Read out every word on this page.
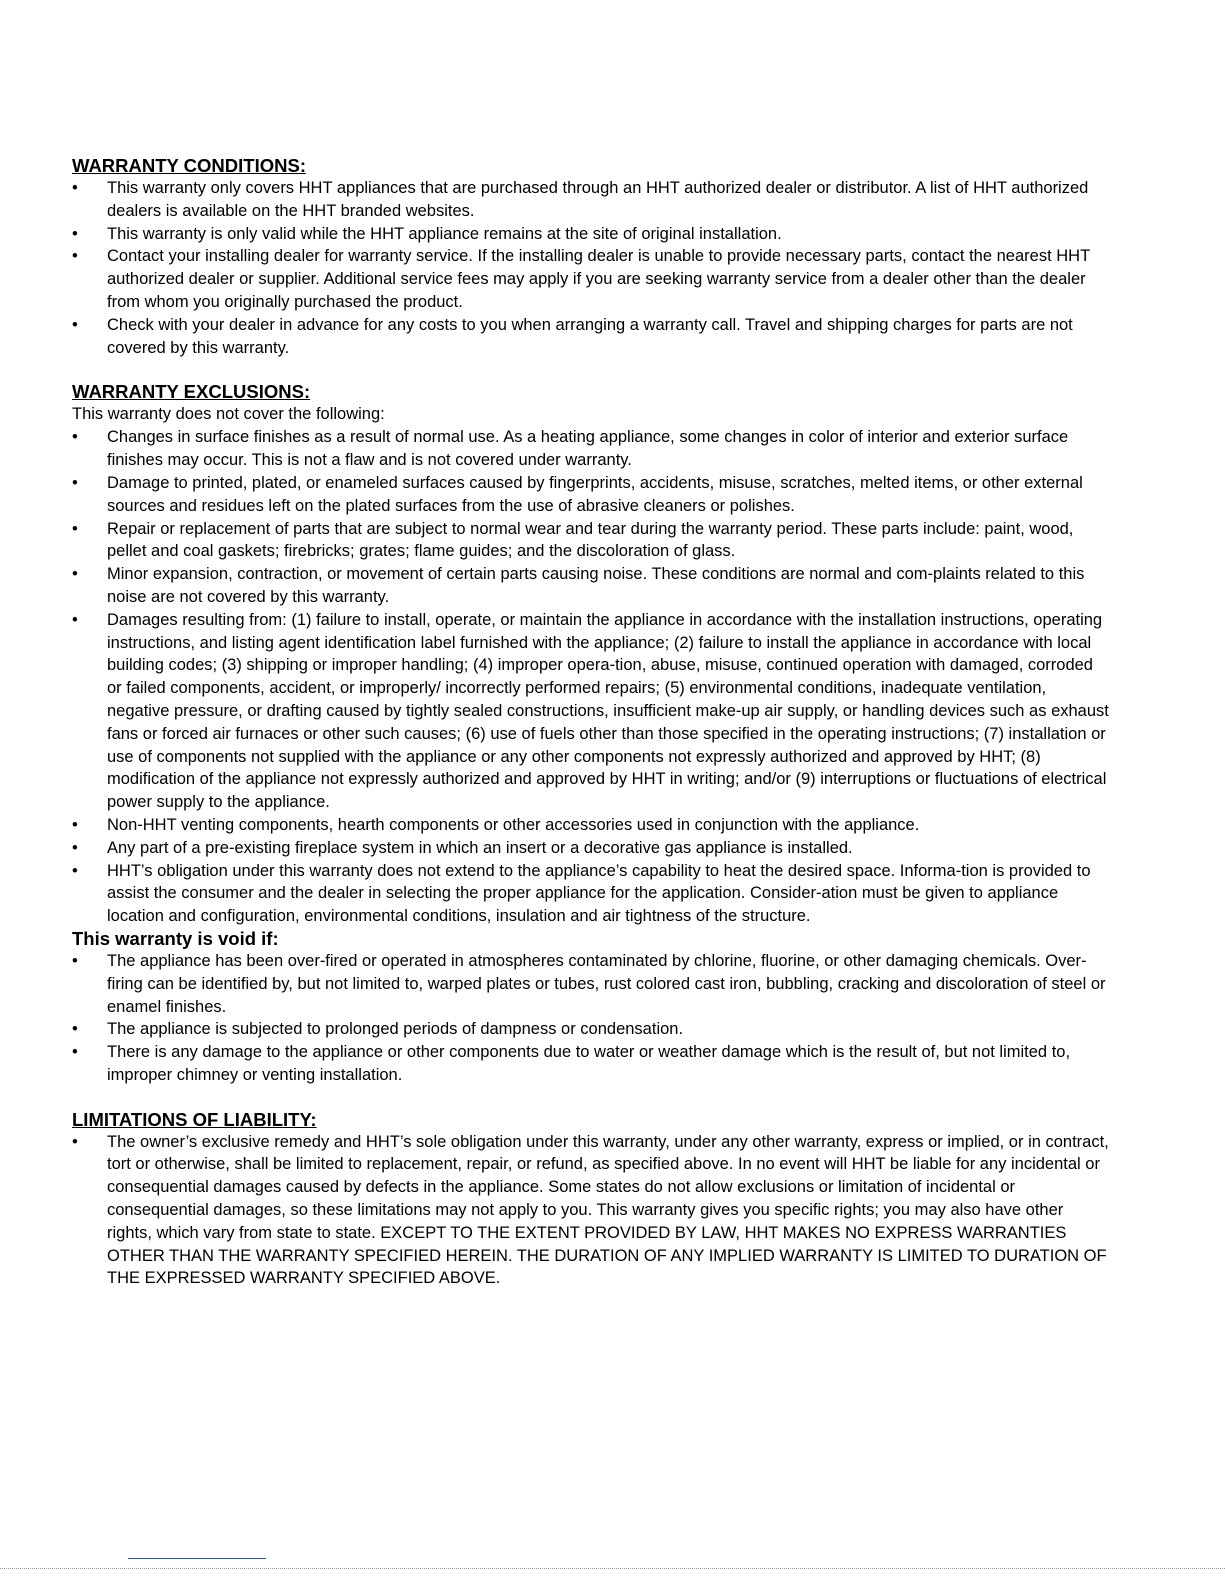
WARRANTY CONDITIONS:
• This warranty only covers HHT appliances that are purchased through an HHT authorized dealer or distributor. A list of HHT authorized dealers is available on the HHT branded websites.
• This warranty is only valid while the HHT appliance remains at the site of original installation.
• Contact your installing dealer for warranty service. If the installing dealer is unable to provide necessary parts, contact the nearest HHT authorized dealer or supplier. Additional service fees may apply if you are seeking warranty service from a dealer other than the dealer from whom you originally purchased the product.
• Check with your dealer in advance for any costs to you when arranging a warranty call. Travel and shipping charges for parts are not covered by this warranty.
WARRANTY EXCLUSIONS:

This warranty does not cover the following:

• Changes in surface finishes as a result of normal use. As a heating appliance, some changes in color of interior and exterior surface finishes may occur. This is not a flaw and is not covered under warranty.
• Damage to printed, plated, or enameled surfaces caused by fingerprints, accidents, misuse, scratches, melted items, or other external sources and residues left on the plated surfaces from the use of abrasive cleaners or polishes.
• Repair or replacement of parts that are subject to normal wear and tear during the warranty period. These parts include: paint, wood, pellet and coal gaskets; firebricks; grates; flame guides; and the discoloration of glass.
• Minor expansion, contraction, or movement of certain parts causing noise. These conditions are normal and com-plaints related to this noise are not covered by this warranty.
• Damages resulting from: (1) failure to install, operate, or maintain the appliance in accordance with the installation instructions, operating instructions, and listing agent identification label furnished with the appliance; (2) failure to install the appliance in accordance with local building codes; (3) shipping or improper handling; (4) improper opera-tion, abuse, misuse, continued operation with damaged, corroded or failed components, accident, or improperly/ incorrectly performed repairs; (5) environmental conditions, inadequate ventilation, negative pressure, or drafting caused by tightly sealed constructions, insufficient make-up air supply, or handling devices such as exhaust fans or forced air furnaces or other such causes; (6) use of fuels other than those specified in the operating instructions; (7) installation or use of components not supplied with the appliance or any other components not expressly authorized and approved by HHT; (8) modification of the appliance not expressly authorized and approved by HHT in writing; and/or (9) interruptions or fluctuations of electrical power supply to the appliance.
• Non-HHT venting components, hearth components or other accessories used in conjunction with the appliance.
• Any part of a pre-existing fireplace system in which an insert or a decorative gas appliance is installed.
• HHT’s obligation under this warranty does not extend to the appliance’s capability to heat the desired space. Informa-tion is provided to assist the consumer and the dealer in selecting the proper appliance for the application. Consider-ation must be given to appliance location and configuration, environmental conditions, insulation and air tightness of the structure.
This warranty is void if:
• The appliance has been over-fired or operated in atmospheres contaminated by chlorine, fluorine, or other damaging chemicals. Over-firing can be identified by, but not limited to, warped plates or tubes, rust colored cast iron, bubbling, cracking and discoloration of steel or enamel finishes.
• The appliance is subjected to prolonged periods of dampness or condensation.
• There is any damage to the appliance or other components due to water or weather damage which is the result of, but not limited to, improper chimney or venting installation.
LIMITATIONS OF LIABILITY:
• The owner’s exclusive remedy and HHT’s sole obligation under this warranty, under any other warranty, express or implied, or in contract, tort or otherwise, shall be limited to replacement, repair, or refund, as specified above. In no event will HHT be liable for any incidental or consequential damages caused by defects in the appliance. Some states do not allow exclusions or limitation of incidental or consequential damages, so these limitations may not apply to you. This warranty gives you specific rights; you may also have other rights, which vary from state to state. EXCEPT TO THE EXTENT PROVIDED BY LAW, HHT MAKES NO EXPRESS WARRANTIES OTHER THAN THE WARRANTY SPECIFIED HEREIN. THE DURATION OF ANY IMPLIED WARRANTY IS LIMITED TO DURATION OF THE EXPRESSED WARRANTY SPECIFIED ABOVE.
